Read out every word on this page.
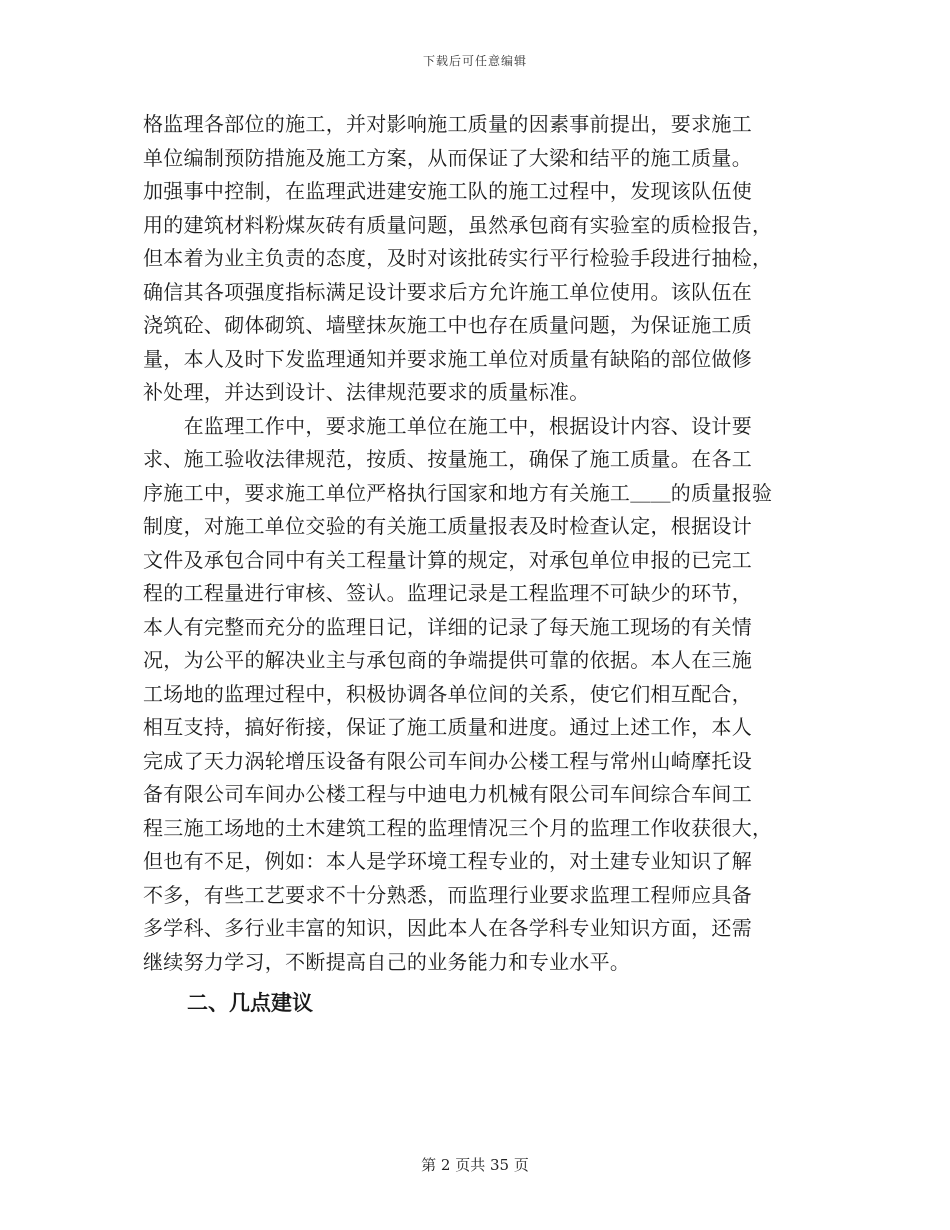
下载后可任意编辑
格监理各部位的施工，并对影响施工质量的因素事前提出，要求施工
单位编制预防措施及施工方案，从而保证了大梁和结平的施工质量。
加强事中控制，在监理武进建安施工队的施工过程中，发现该队伍使
用的建筑材料粉煤灰砖有质量问题，虽然承包商有实验室的质检报告，
但本着为业主负责的态度，及时对该批砖实行平行检验手段进行抽检，
确信其各项强度指标满足设计要求后方允许施工单位使用。该队伍在
浇筑砼、砌体砌筑、墙壁抹灰施工中也存在质量问题，为保证施工质
量，本人及时下发监理通知并要求施工单位对质量有缺陷的部位做修
补处理，并达到设计、法律规范要求的质量标准。
　　在监理工作中，要求施工单位在施工中，根据设计内容、设计要
求、施工验收法律规范，按质、按量施工，确保了施工质量。在各工
序施工中，要求施工单位严格执行国家和地方有关施工＿＿的质量报验
制度，对施工单位交验的有关施工质量报表及时检查认定，根据设计
文件及承包合同中有关工程量计算的规定，对承包单位申报的已完工
程的工程量进行审核、签认。监理记录是工程监理不可缺少的环节，
本人有完整而充分的监理日记，详细的记录了每天施工现场的有关情
况，为公平的解决业主与承包商的争端提供可靠的依据。本人在三施
工场地的监理过程中，积极协调各单位间的关系，使它们相互配合，
相互支持，搞好衔接，保证了施工质量和进度。通过上述工作，本人
完成了天力涡轮增压设备有限公司车间办公楼工程与常州山崎摩托设
备有限公司车间办公楼工程与中迪电力机械有限公司车间综合车间工
程三施工场地的土木建筑工程的监理情况三个月的监理工作收获很大，
但也有不足，例如：本人是学环境工程专业的，对土建专业知识了解
不多，有些工艺要求不十分熟悉，而监理行业要求监理工程师应具备
多学科、多行业丰富的知识，因此本人在各学科专业知识方面，还需
继续努力学习，不断提高自己的业务能力和专业水平。
二、几点建议
第 2 页共 35 页
